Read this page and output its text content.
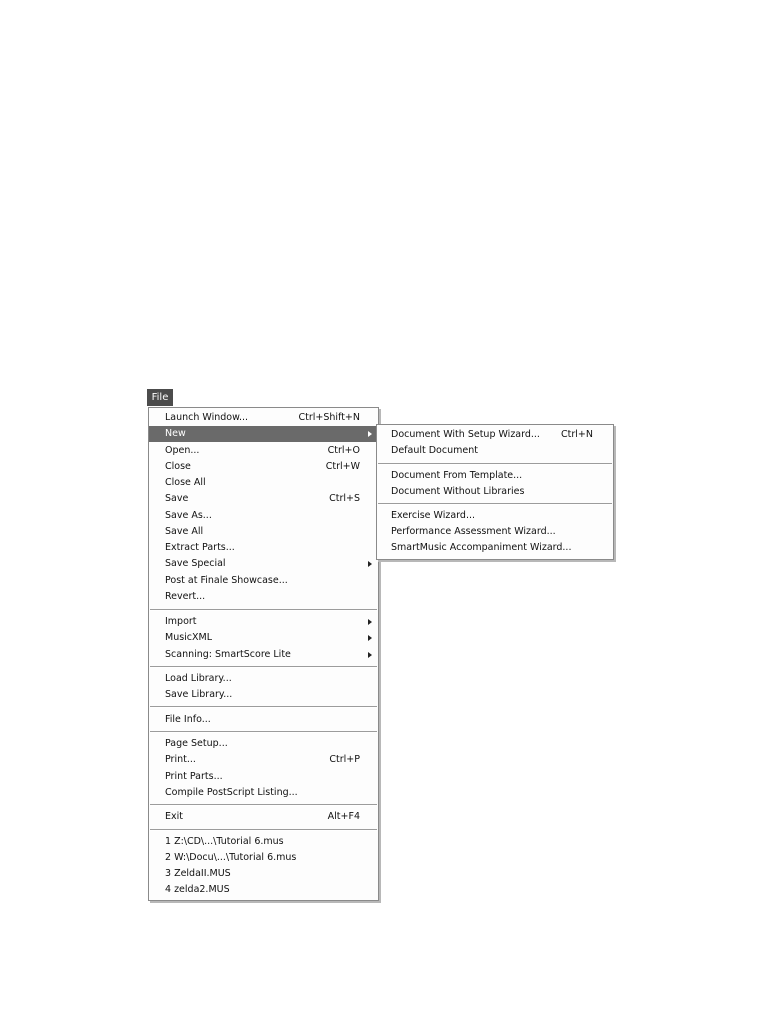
File
Launch Window...	Ctrl+Shift+N
New
Open...	Ctrl+O
Close	Ctrl+W
Close All
Save	Ctrl+S
Save As...
Save All
Extract Parts...
Save Special
Post at Finale Showcase...
Revert...
Import
MusicXML
Scanning: SmartScore Lite
Load Library...
Save Library...
File Info...
Page Setup...
Print...	Ctrl+P
Print Parts...
Compile PostScript Listing...
Exit	Alt+F4
1 Z:\CD\...\Tutorial 6.mus
2 W:\Docu\...\Tutorial 6.mus
3 ZeldaII.MUS
4 zelda2.MUS
Document With Setup Wizard... Ctrl+N
Default Document
Document From Template...
Document Without Libraries
Exercise Wizard...
Performance Assessment Wizard...
SmartMusic Accompaniment Wizard...
